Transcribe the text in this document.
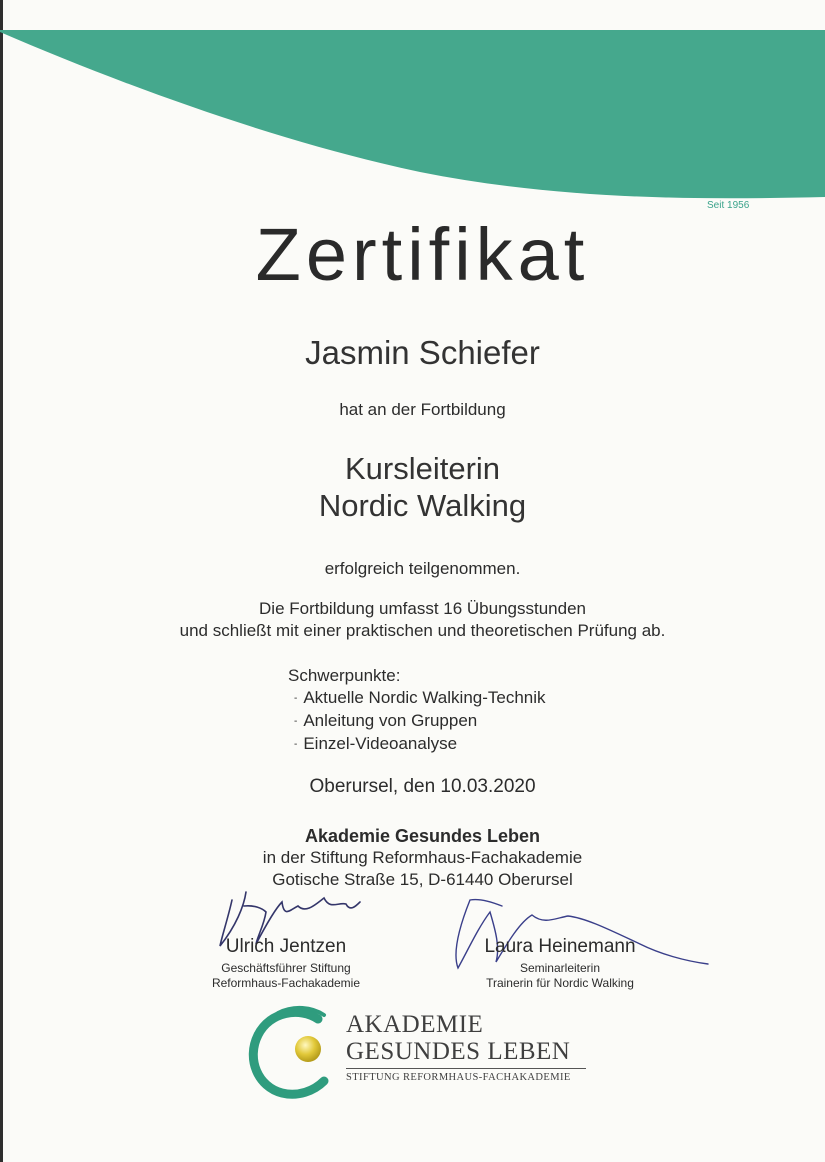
Seit 1956
Zertifikat
Jasmin Schiefer
hat an der Fortbildung
Kursleiterin
Nordic Walking
erfolgreich teilgenommen.
Die Fortbildung umfasst 16 Übungsstunden
und schließt mit einer praktischen und theoretischen Prüfung ab.
Schwerpunkte:
- Aktuelle Nordic Walking-Technik
- Anleitung von Gruppen
- Einzel-Videoanalyse
Oberursel, den 10.03.2020
Akademie Gesundes Leben
in der Stiftung Reformhaus-Fachakademie
Gotische Straße 15, D-61440 Oberursel
Ulrich Jentzen
Geschäftsführer Stiftung
Reformhaus-Fachakademie
Laura Heinemann
Seminarleiterin
Trainerin für Nordic Walking
AKADEMIE
GESUNDES LEBEN
STIFTUNG REFORMHAUS-FACHAKADEMIE
